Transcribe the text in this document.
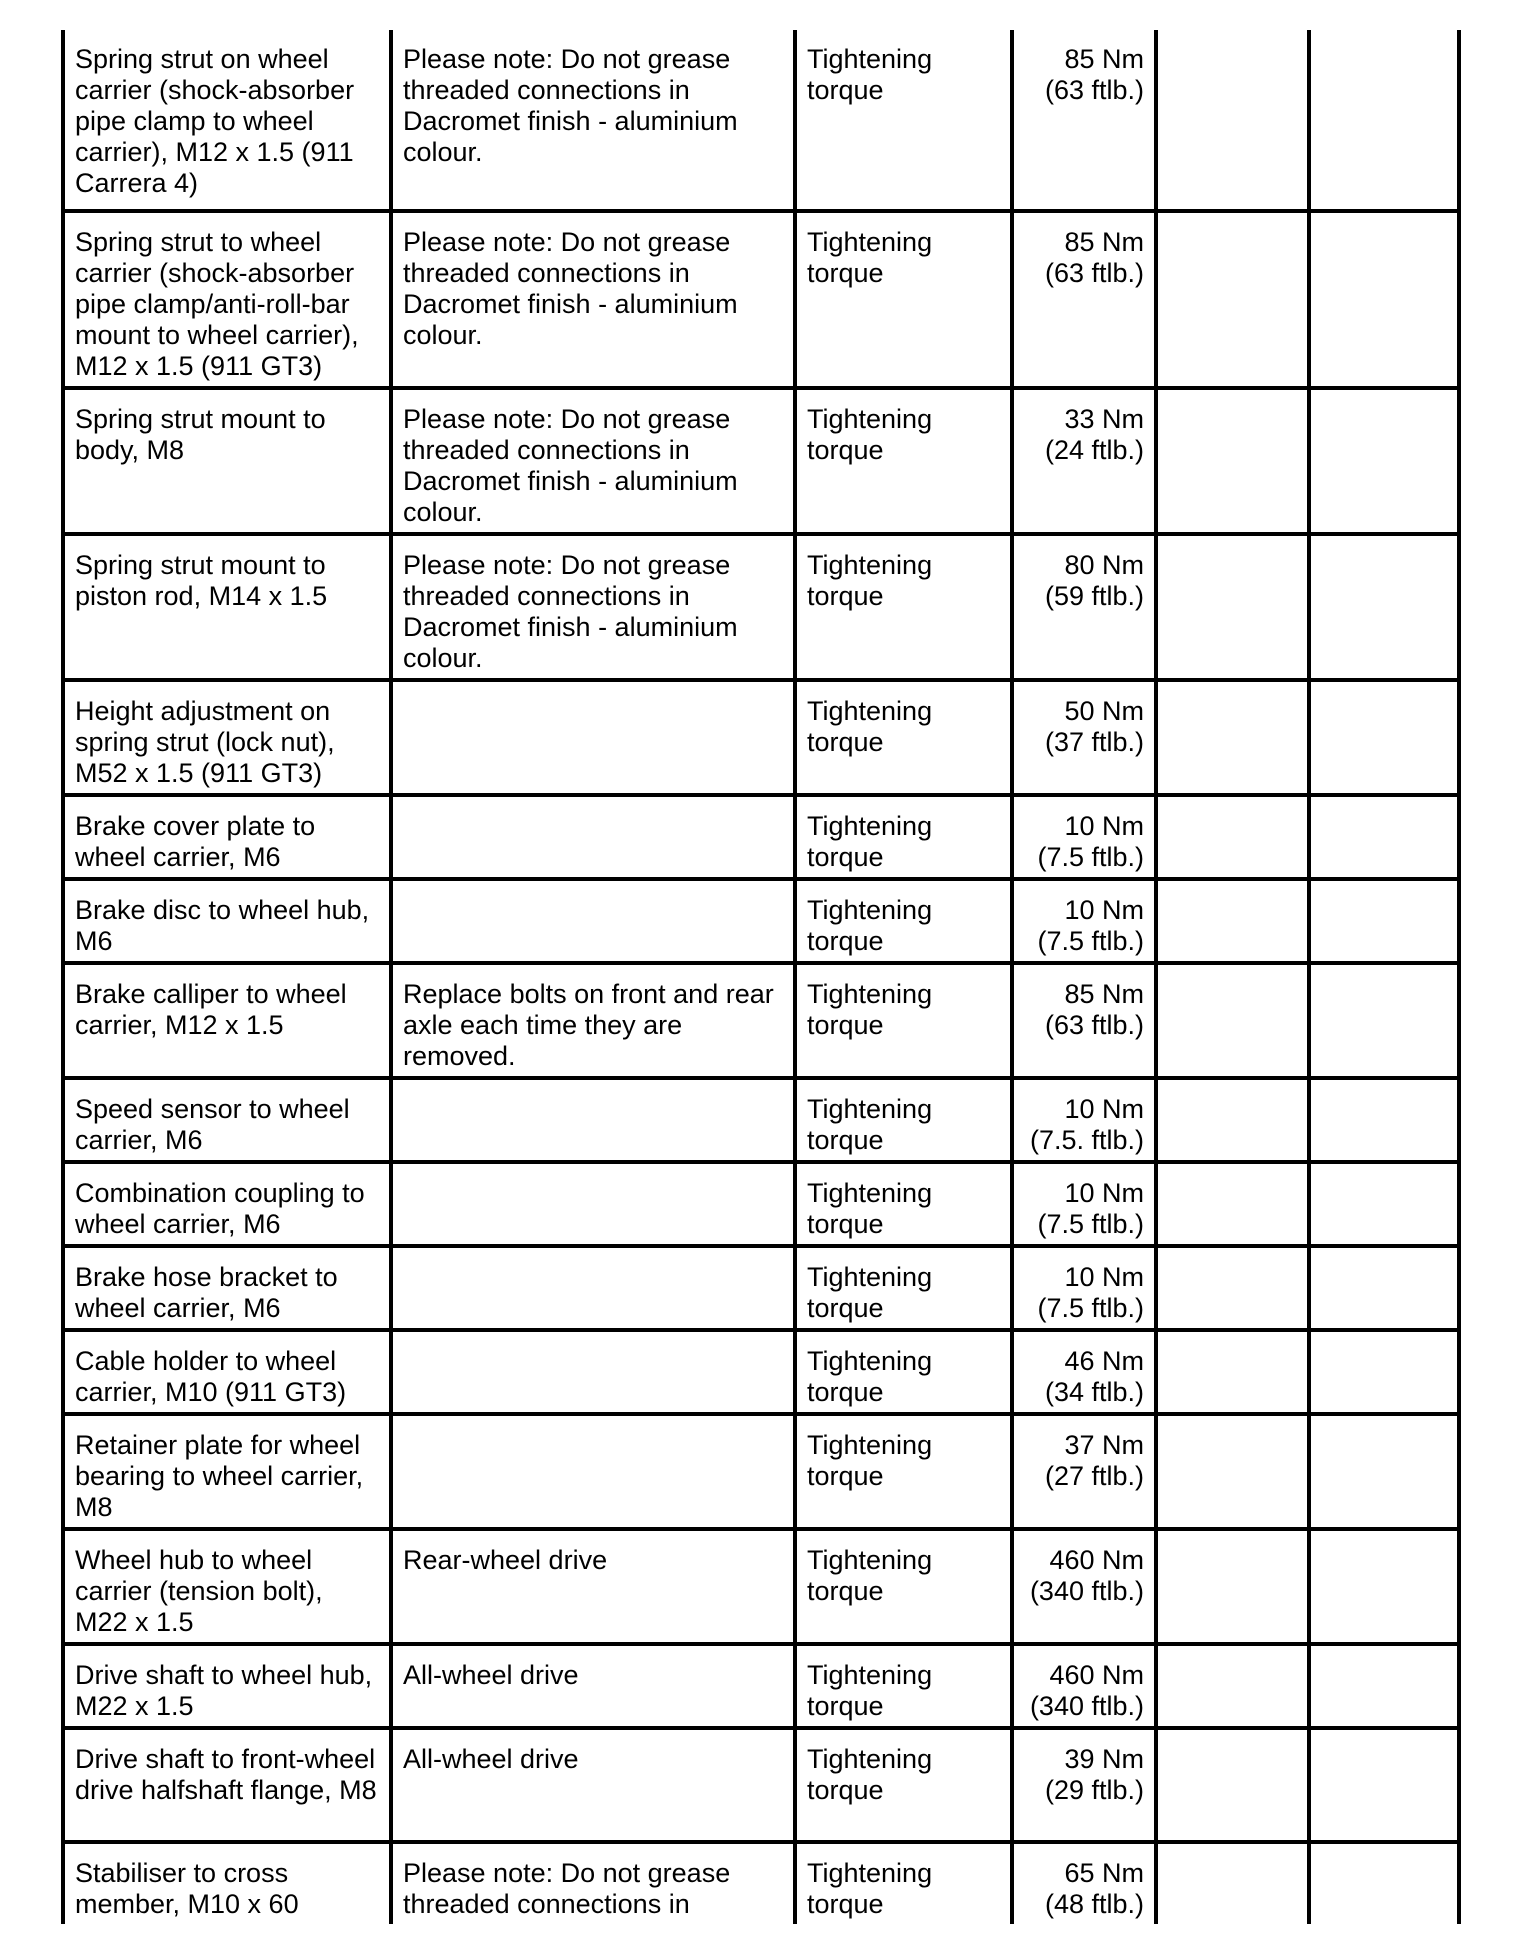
Spring strut on wheel carrier (shock-absorber pipe clamp to wheel carrier), M12 x 1.5 (911 Carrera 4)	Please note: Do not grease threaded connections in Dacromet finish - aluminium colour.	Tightening torque	85 Nm
(63 ftlb.)		

Spring strut to wheel carrier (shock-absorber pipe clamp/anti-roll-bar mount to wheel carrier), M12 x 1.5 (911 GT3)	Please note: Do not grease threaded connections in Dacromet finish - aluminium colour.	Tightening torque	85 Nm
(63 ftlb.)		

Spring strut mount to body, M8	Please note: Do not grease threaded connections in Dacromet finish - aluminium colour.	Tightening torque	33 Nm
(24 ftlb.)		

Spring strut mount to piston rod, M14 x 1.5	Please note: Do not grease threaded connections in Dacromet finish - aluminium colour.	Tightening torque	80 Nm
(59 ftlb.)		

Height adjustment on spring strut (lock nut), M52 x 1.5 (911 GT3)		Tightening torque	50 Nm
(37 ftlb.)		

Brake cover plate to wheel carrier, M6		Tightening torque	10 Nm
(7.5 ftlb.)		

Brake disc to wheel hub, M6		Tightening torque	10 Nm
(7.5 ftlb.)		

Brake calliper to wheel carrier, M12 x 1.5	Replace bolts on front and rear axle each time they are removed.	Tightening torque	85 Nm
(63 ftlb.)		

Speed sensor to wheel carrier, M6		Tightening torque	10 Nm
(7.5. ftlb.)		

Combination coupling to wheel carrier, M6		Tightening torque	10 Nm
(7.5 ftlb.)		

Brake hose bracket to wheel carrier, M6		Tightening torque	10 Nm
(7.5 ftlb.)		

Cable holder to wheel carrier, M10 (911 GT3)		Tightening torque	46 Nm
(34 ftlb.)		

Retainer plate for wheel bearing to wheel carrier, M8		Tightening torque	37 Nm
(27 ftlb.)		

Wheel hub to wheel carrier (tension bolt), M22 x 1.5	Rear-wheel drive	Tightening torque	460 Nm
(340 ftlb.)		

Drive shaft to wheel hub, M22 x 1.5	All-wheel drive	Tightening torque	460 Nm
(340 ftlb.)		

Drive shaft to front-wheel drive halfshaft flange, M8	All-wheel drive	Tightening torque	39 Nm
(29 ftlb.)		

Stabiliser to cross member, M10 x 60	Please note: Do not grease threaded connections in	Tightening torque	65 Nm
(48 ftlb.)		
